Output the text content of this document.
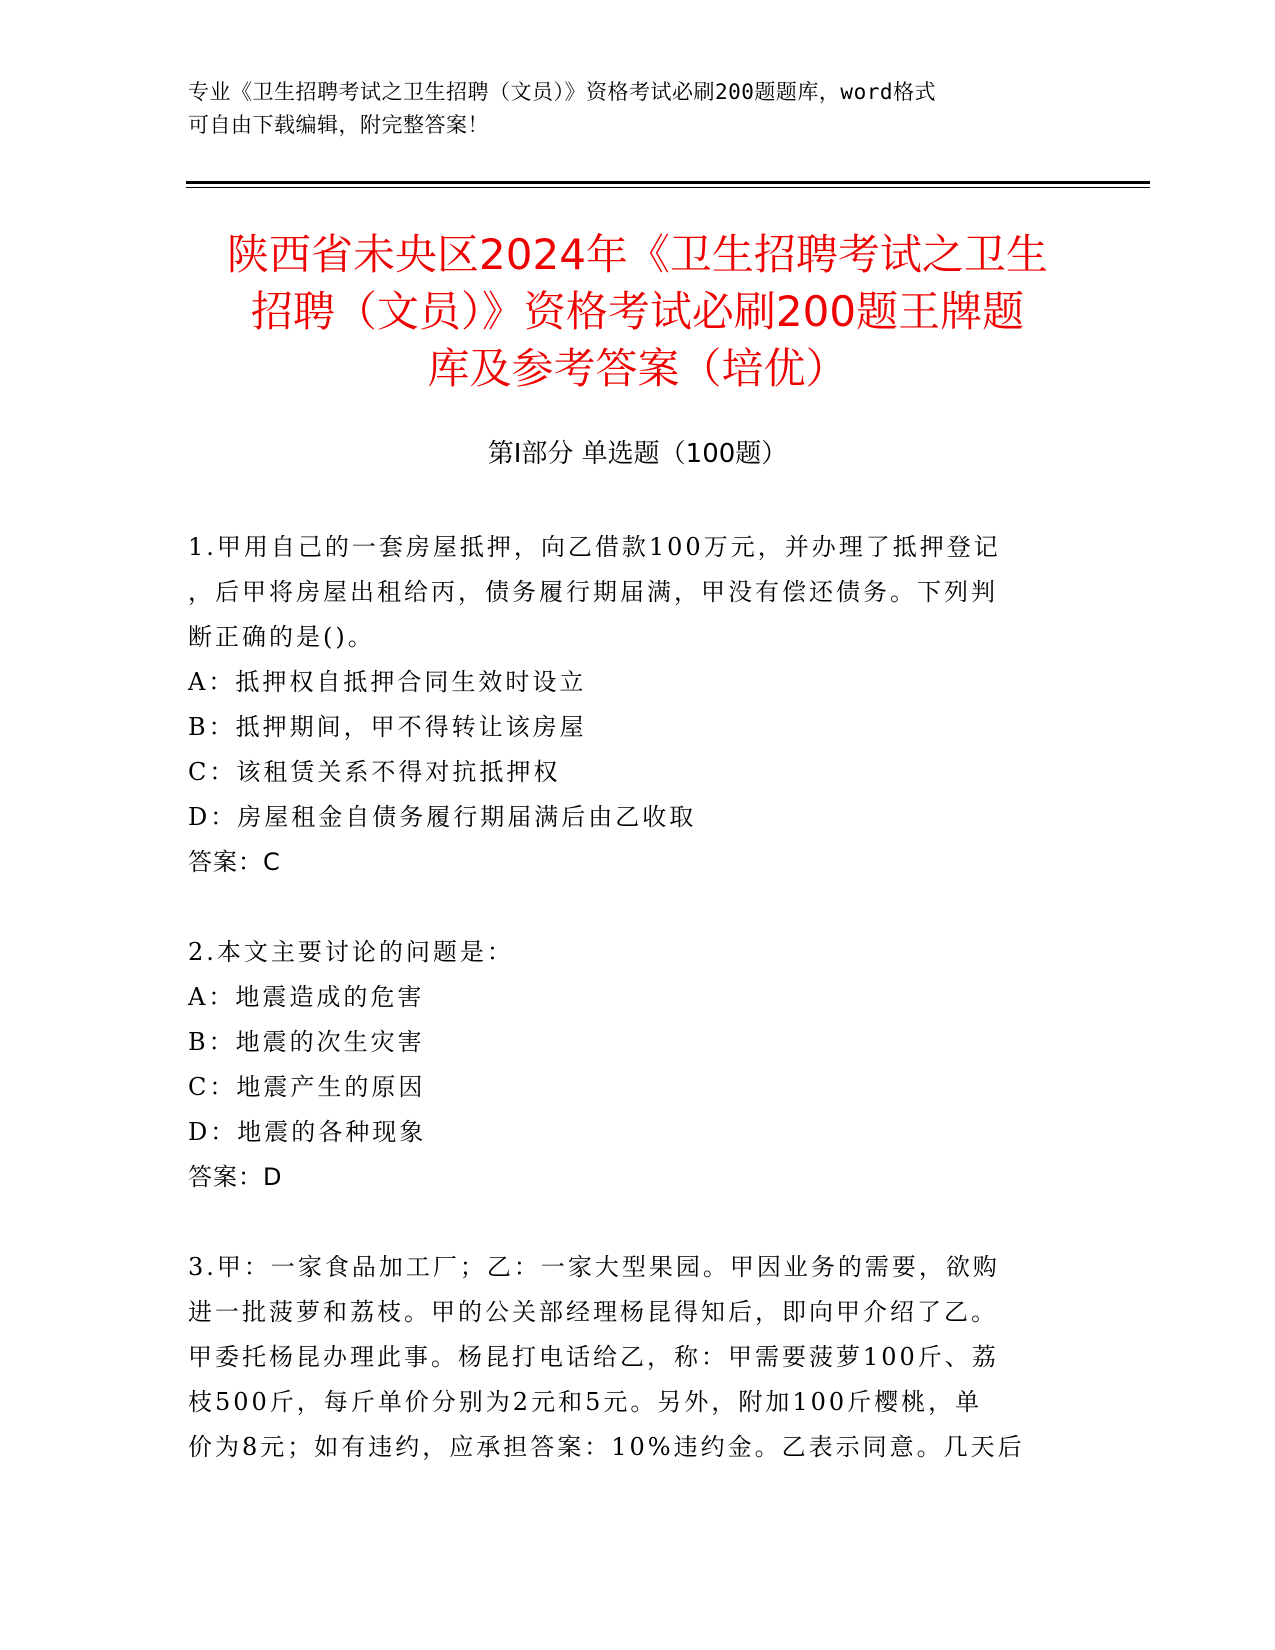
专业《卫生招聘考试之卫生招聘（文员）》资格考试必刷200题题库，word格式
可自由下载编辑，附完整答案！
陕西省未央区2024年《卫生招聘考试之卫生
招聘（文员）》资格考试必刷200题王牌题
库及参考答案（培优）
第Ⅰ部分 单选题（100题）
1.甲用自己的一套房屋抵押，向乙借款100万元，并办理了抵押登记
，后甲将房屋出租给丙，债务履行期届满，甲没有偿还债务。下列判
断正确的是()。
A：抵押权自抵押合同生效时设立
B：抵押期间，甲不得转让该房屋
C：该租赁关系不得对抗抵押权
D：房屋租金自债务履行期届满后由乙收取
答案：C
2.本文主要讨论的问题是：
A：地震造成的危害
B：地震的次生灾害
C：地震产生的原因
D：地震的各种现象
答案：D
3.甲：一家食品加工厂；乙：一家大型果园。甲因业务的需要，欲购
进一批菠萝和荔枝。甲的公关部经理杨昆得知后，即向甲介绍了乙。
甲委托杨昆办理此事。杨昆打电话给乙，称：甲需要菠萝100斤、荔
枝500斤，每斤单价分别为2元和5元。另外，附加100斤樱桃，单
价为8元；如有违约，应承担答案：10%违约金。乙表示同意。几天后
